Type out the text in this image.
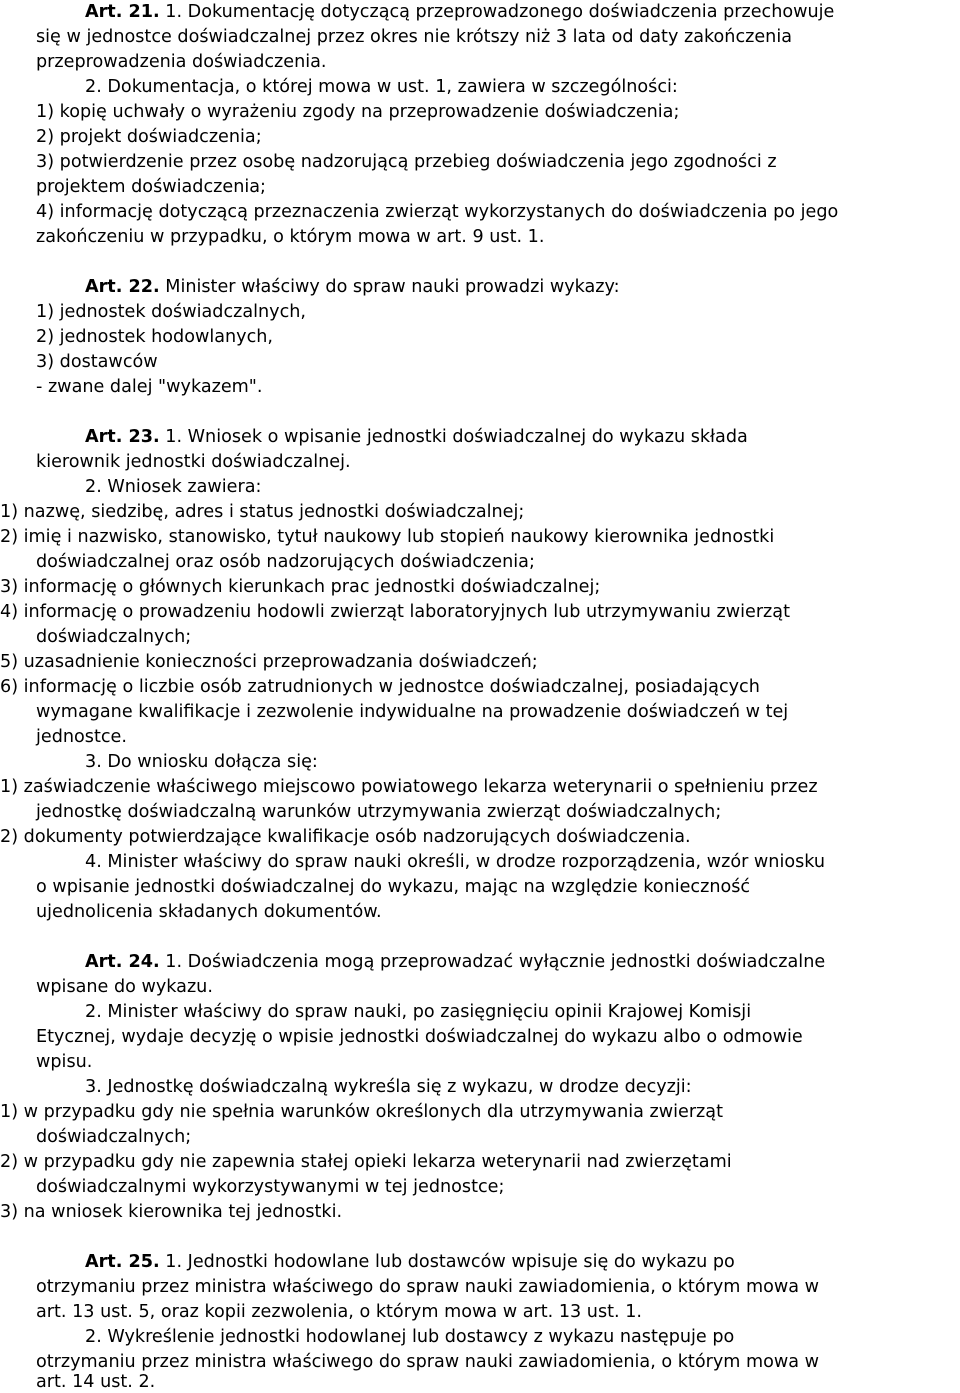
Art. 21. 1. Dokumentację dotyczącą przeprowadzonego doświadczenia przechowuje
się w jednostce doświadczalnej przez okres nie krótszy niż 3 lata od daty zakończenia
przeprowadzenia doświadczenia.
2. Dokumentacja, o której mowa w ust. 1, zawiera w szczególności:
1) kopię uchwały o wyrażeniu zgody na przeprowadzenie doświadczenia;
2) projekt doświadczenia;
3) potwierdzenie przez osobę nadzorującą przebieg doświadczenia jego zgodności z
projektem doświadczenia;
4) informację dotyczącą przeznaczenia zwierząt wykorzystanych do doświadczenia po jego
zakończeniu w przypadku, o którym mowa w art. 9 ust. 1.
Art. 22. Minister właściwy do spraw nauki prowadzi wykazy:
1) jednostek doświadczalnych,
2) jednostek hodowlanych,
3) dostawców
- zwane dalej "wykazem".
Art. 23. 1. Wniosek o wpisanie jednostki doświadczalnej do wykazu składa
kierownik jednostki doświadczalnej.
2. Wniosek zawiera:
1) nazwę, siedzibę, adres i status jednostki doświadczalnej;
2) imię i nazwisko, stanowisko, tytuł naukowy lub stopień naukowy kierownika jednostki
doświadczalnej oraz osób nadzorujących doświadczenia;
3) informację o głównych kierunkach prac jednostki doświadczalnej;
4) informację o prowadzeniu hodowli zwierząt laboratoryjnych lub utrzymywaniu zwierząt
doświadczalnych;
5) uzasadnienie konieczności przeprowadzania doświadczeń;
6) informację o liczbie osób zatrudnionych w jednostce doświadczalnej, posiadających
wymagane kwalifikacje i zezwolenie indywidualne na prowadzenie doświadczeń w tej
jednostce.
3. Do wniosku dołącza się:
1) zaświadczenie właściwego miejscowo powiatowego lekarza weterynarii o spełnieniu przez
jednostkę doświadczalną warunków utrzymywania zwierząt doświadczalnych;
2) dokumenty potwierdzające kwalifikacje osób nadzorujących doświadczenia.
4. Minister właściwy do spraw nauki określi, w drodze rozporządzenia, wzór wniosku
o wpisanie jednostki doświadczalnej do wykazu, mając na względzie konieczność
ujednolicenia składanych dokumentów.
Art. 24. 1. Doświadczenia mogą przeprowadzać wyłącznie jednostki doświadczalne
wpisane do wykazu.
2. Minister właściwy do spraw nauki, po zasięgnięciu opinii Krajowej Komisji
Etycznej, wydaje decyzję o wpisie jednostki doświadczalnej do wykazu albo o odmowie
wpisu.
3. Jednostkę doświadczalną wykreśla się z wykazu, w drodze decyzji:
1) w przypadku gdy nie spełnia warunków określonych dla utrzymywania zwierząt
doświadczalnych;
2) w przypadku gdy nie zapewnia stałej opieki lekarza weterynarii nad zwierzętami
doświadczalnymi wykorzystywanymi w tej jednostce;
3) na wniosek kierownika tej jednostki.
Art. 25. 1. Jednostki hodowlane lub dostawców wpisuje się do wykazu po
otrzymaniu przez ministra właściwego do spraw nauki zawiadomienia, o którym mowa w
art. 13 ust. 5, oraz kopii zezwolenia, o którym mowa w art. 13 ust. 1.
2. Wykreślenie jednostki hodowlanej lub dostawcy z wykazu następuje po
otrzymaniu przez ministra właściwego do spraw nauki zawiadomienia, o którym mowa w
art. 14 ust. 2.
